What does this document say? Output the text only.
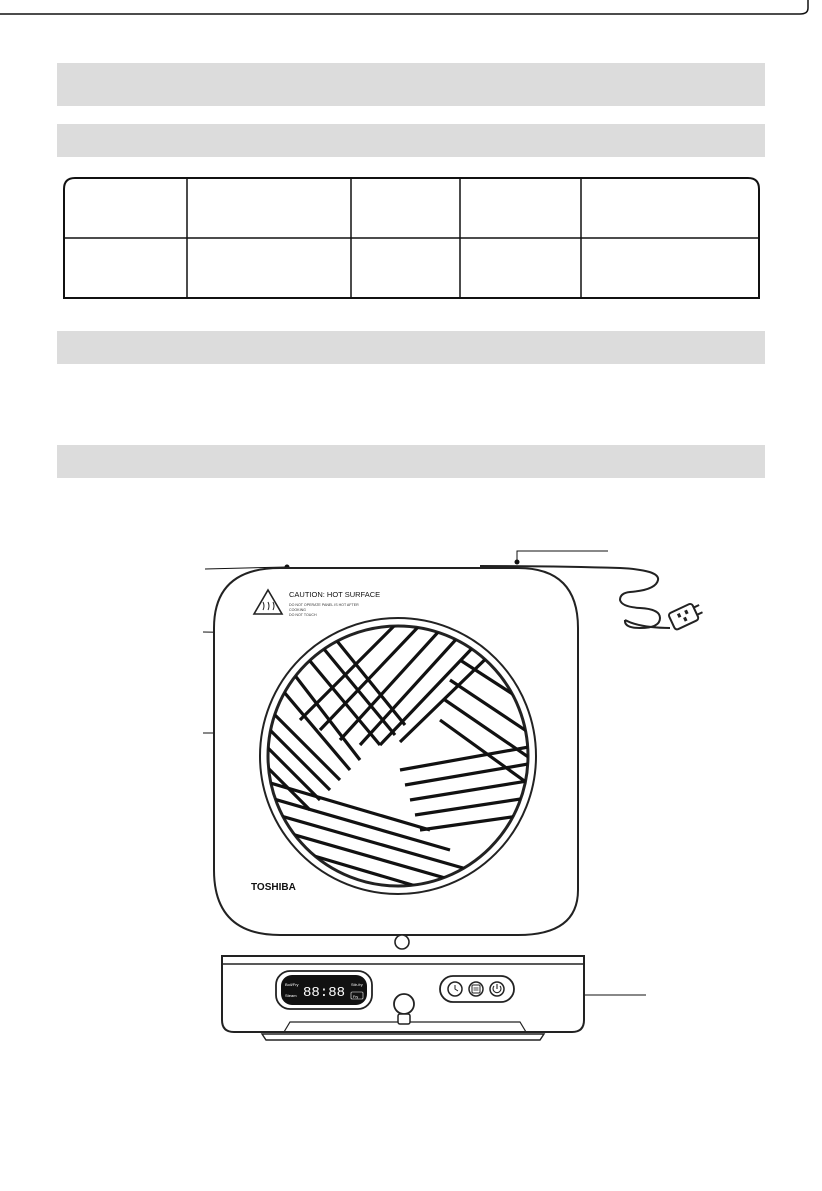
CAUTION: HOT SURFACE
DO NOT OPERATE PANEL IS HOT AFTER
COOKING
DO NOT TOUCH
TOSHIBA
88:88
Boil/Fry
Steam
Stir-fry
Fry
